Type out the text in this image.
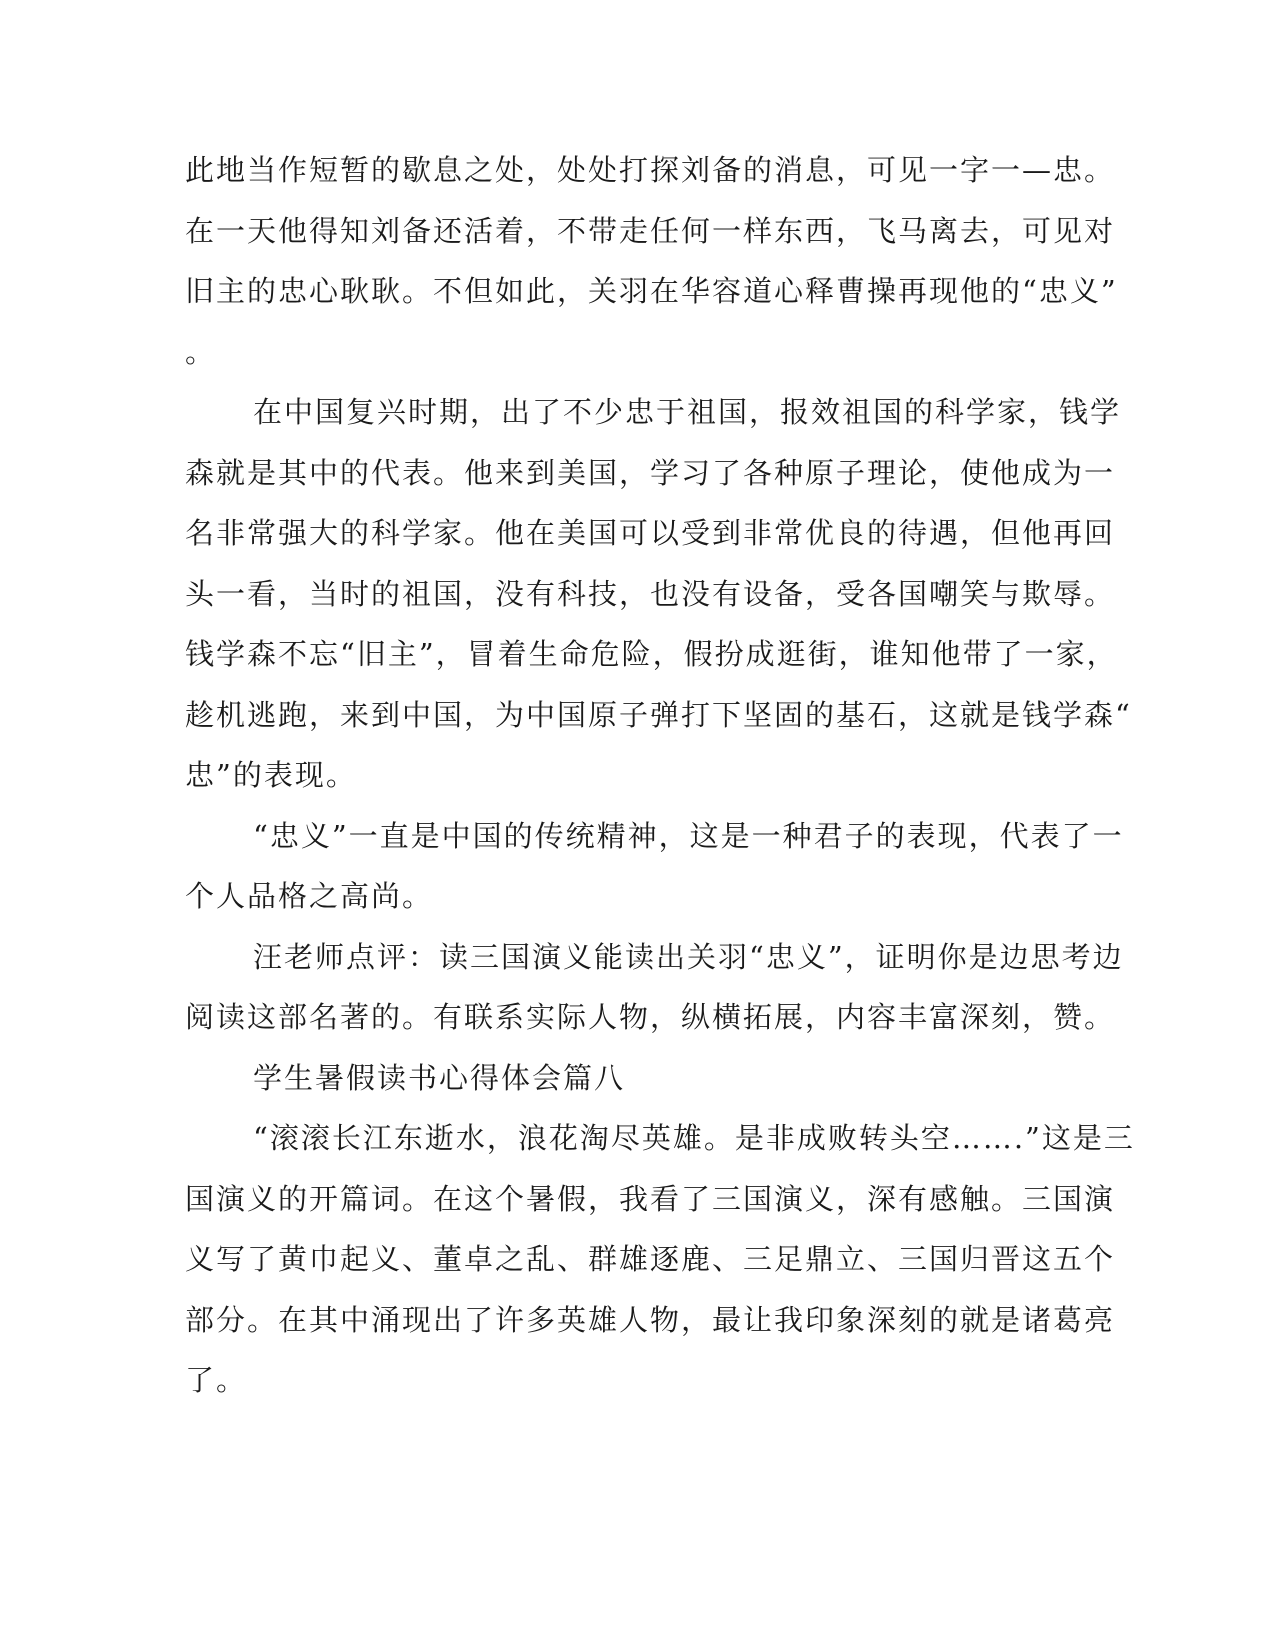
此地当作短暂的歇息之处，处处打探刘备的消息，可见一字一—忠。
在一天他得知刘备还活着，不带走任何一样东西，飞马离去，可见对
旧主的忠心耿耿。不但如此，关羽在华容道心释曹操再现他的“忠义”
。
在中国复兴时期，出了不少忠于祖国，报效祖国的科学家，钱学
森就是其中的代表。他来到美国，学习了各种原子理论，使他成为一
名非常强大的科学家。他在美国可以受到非常优良的待遇，但他再回
头一看，当时的祖国，没有科技，也没有设备，受各国嘲笑与欺辱。
钱学森不忘“旧主”，冒着生命危险，假扮成逛街，谁知他带了一家，
趁机逃跑，来到中国，为中国原子弹打下坚固的基石，这就是钱学森“
忠”的表现。
“忠义”一直是中国的传统精神，这是一种君子的表现，代表了一
个人品格之高尚。
汪老师点评：读三国演义能读出关羽“忠义”，证明你是边思考边
阅读这部名著的。有联系实际人物，纵横拓展，内容丰富深刻，赞。
学生暑假读书心得体会篇八
“滚滚长江东逝水，浪花淘尽英雄。是非成败转头空…….”这是三
国演义的开篇词。在这个暑假，我看了三国演义，深有感触。三国演
义写了黄巾起义、董卓之乱、群雄逐鹿、三足鼎立、三国归晋这五个
部分。在其中涌现出了许多英雄人物，最让我印象深刻的就是诸葛亮
了。
